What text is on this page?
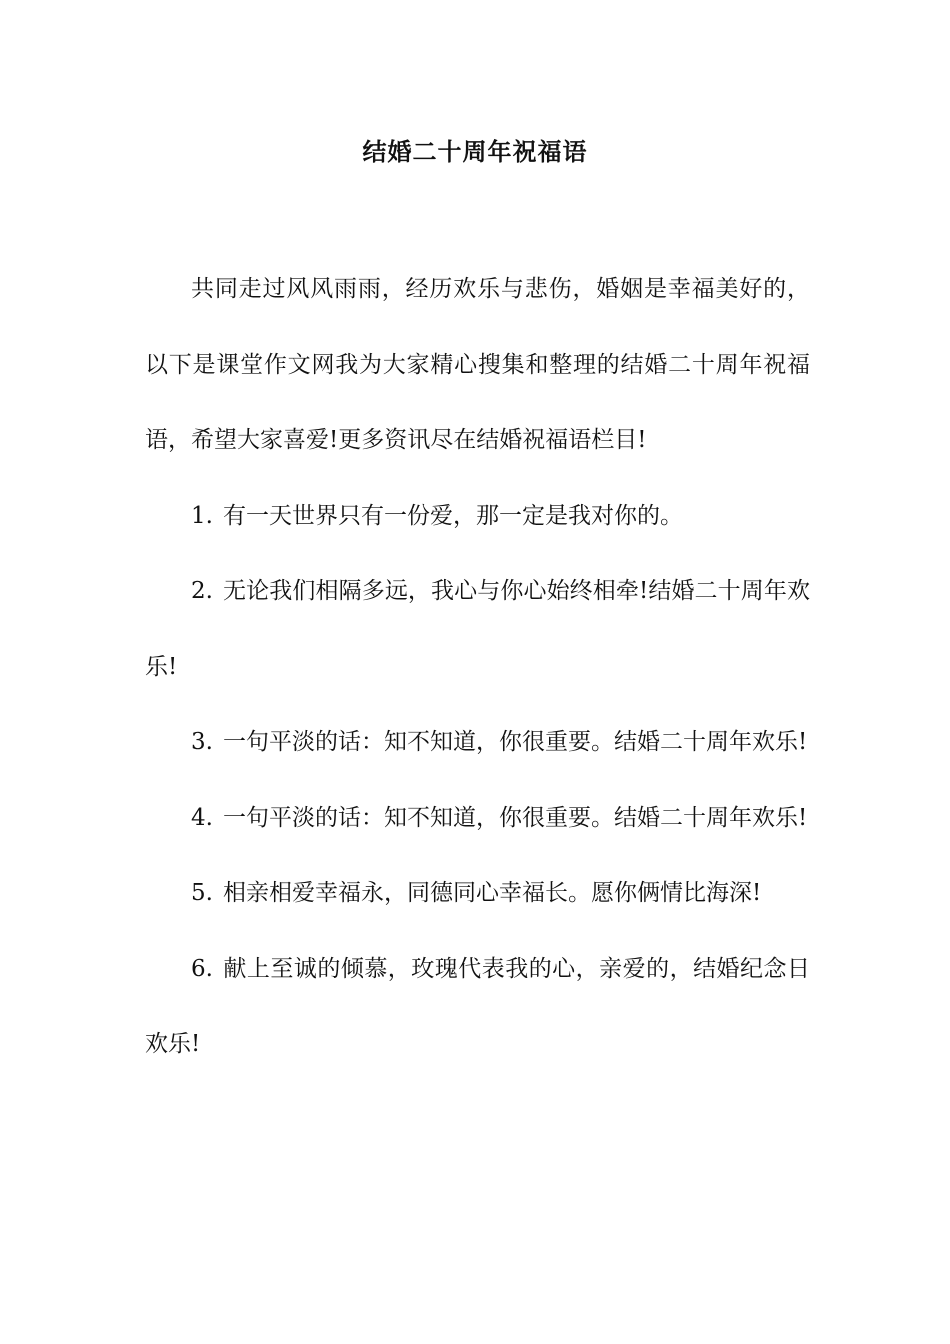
结婚二十周年祝福语

共同走过风风雨雨，经历欢乐与悲伤，婚姻是幸福美好的，以下是课堂作文网我为大家精心搜集和整理的结婚二十周年祝福语，希望大家喜爱!更多资讯尽在结婚祝福语栏目!

1. 有一天世界只有一份爱，那一定是我对你的。

2. 无论我们相隔多远，我心与你心始终相牵!结婚二十周年欢乐!

3. 一句平淡的话：知不知道，你很重要。结婚二十周年欢乐!

4. 一句平淡的话：知不知道，你很重要。结婚二十周年欢乐!

5. 相亲相爱幸福永，同德同心幸福长。愿你俩情比海深!

6. 献上至诚的倾慕，玫瑰代表我的心，亲爱的，结婚纪念日欢乐!
